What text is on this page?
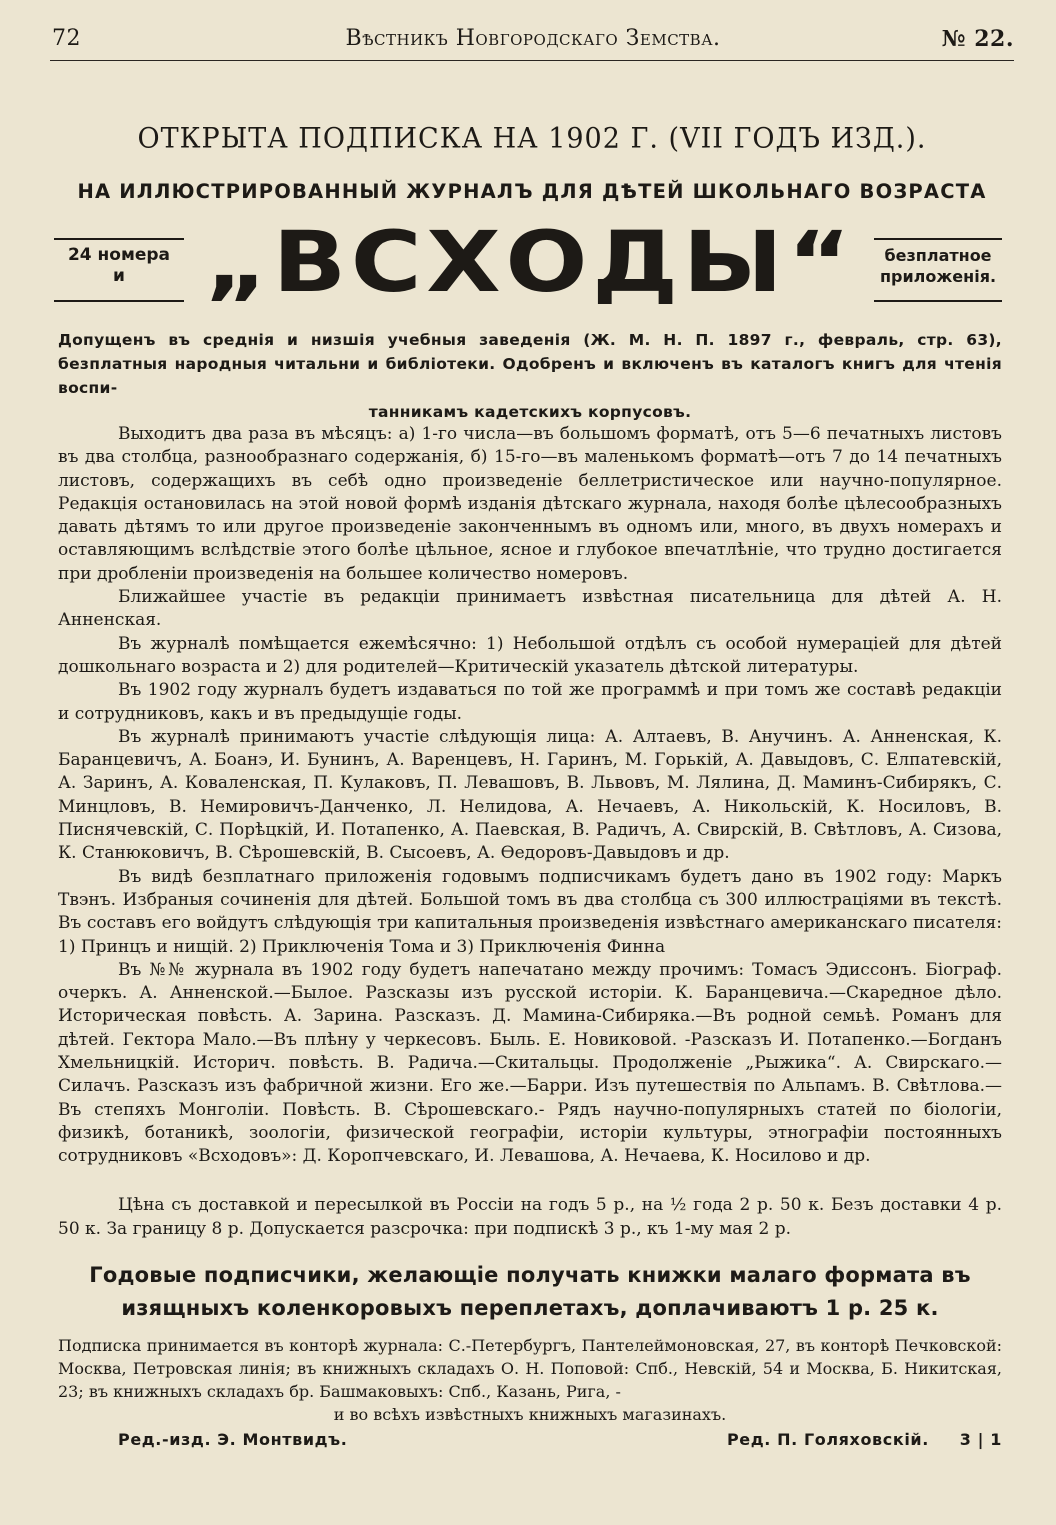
72	Вѣстникъ Новгородскаго Земства.	№ 22.
ОТКРЫТА ПОДПИСКА НА 1902 Г. (VII ГОДЪ ИЗД.).
НА ИЛЛЮСТРИРОВАННЫЙ ЖУРНАЛЪ ДЛЯ ДѢТЕЙ ШКОЛЬНАГО ВОЗРАСТА
24 номера
и „ВСХОДЫ“	безплатное
приложенія.
Допущенъ въ среднія и низшія учебныя заведенія (Ж. М. Н. П. 1897 г., февраль, стр. 63), безплатныя народныя читальни и библіотеки. Одобренъ и включенъ въ каталогъ книгъ для чтенія воспи-
танникамъ кадетскихъ корпусовъ.

Выходитъ два раза въ мѣсяцъ: а) 1-го числа—въ большомъ форматѣ, отъ 5—6 печатныхъ листовъ въ два столбца, разнообразнаго содержанія, б) 15-го—въ маленькомъ форматѣ—отъ 7 до 14 печатныхъ листовъ, содержащихъ въ себѣ одно произведеніе беллетристическое или научно-популярное. Редакція остановилась на этой новой формѣ изданія дѣтскаго журнала, находя болѣе цѣлесообразныхъ давать дѣтямъ то или другое произведеніе законченнымъ въ одномъ или, много, въ двухъ номерахъ и оставляющимъ вслѣдствіе этого болѣе цѣльное, ясное и глубокое впечатлѣніе, что трудно достигается при дробленіи произведенія на большее количество номеровъ.

Ближайшее участіе въ редакціи принимаетъ извѣстная писательница для дѣтей А. Н. Анненская.

Въ журналѣ помѣщается ежемѣсячно: 1) Небольшой отдѣлъ съ особой нумераціей для дѣтей дошкольнаго возраста и 2) для родителей—Критическій указатель дѣтской литературы.

Въ 1902 году журналъ будетъ издаваться по той же программѣ и при томъ же составѣ редакціи и сотрудниковъ, какъ и въ предыдущіе годы.

Въ журналѣ принимаютъ участіе слѣдующія лица: А. Алтаевъ, В. Анучинъ. А. Анненская, К. Баранцевичъ, А. Боанэ, И. Бунинъ, А. Варенцевъ, Н. Гаринъ, М. Горькій, А. Давыдовъ, С. Елпатевскій, А. Заринъ, А. Коваленская, П. Кулаковъ, П. Левашовъ, В. Львовъ, М. Лялина, Д. Маминъ-Сибирякъ, С. Минцловъ, В. Немировичъ-Данченко, Л. Нелидова, А. Нечаевъ, А. Никольскій, К. Носиловъ, В. Писнячевскій, С. Порѣцкій, И. Потапенко, А. Паевская, В. Радичъ, А. Свирскій, В. Свѣтловъ, А. Сизова, К. Станюковичъ, В. Сѣрошевскій, В. Сысоевъ, А. Ѳедоровъ-Давыдовъ и др.

Въ видѣ безплатнаго приложенія годовымъ подписчикамъ будетъ дано въ 1902 году: Маркъ Твэнъ. Избраныя сочиненія для дѣтей. Большой томъ въ два столбца съ 300 иллюстраціями въ текстѣ. Въ составъ его войдутъ слѣдующія три капитальныя произведенія извѣстнаго американскаго писателя: 1) Принцъ и нищій. 2) Приключенія Тома и 3) Приключенія Финна

Въ №№ журнала въ 1902 году будетъ напечатано между прочимъ: Томасъ Эдиссонъ. Біограф. очеркъ. А. Анненской.—Былое. Разсказы изъ русской исторіи. К. Баранцевича.—Скаредное дѣло. Историческая повѣсть. А. Зарина. Разсказъ. Д. Мамина-Сибиряка.—Въ родной семьѣ. Романъ для дѣтей. Гектора Мало.—Въ плѣну у черкесовъ. Быль. Е. Новиковой. -Разсказъ И. Потапенко.—Богданъ Хмельницкій. Историч. повѣсть. В. Радича.—Скитальцы. Продолженіе „Рыжика“. А. Свирскаго.—Силачъ. Разсказъ изъ фабричной жизни. Его же.—Барри. Изъ путешествія по Альпамъ. В. Свѣтлова.—Въ степяхъ Монголіи. Повѣсть. В. Сѣрошевскаго.- Рядъ научно-популярныхъ статей по біологіи, физикѣ, ботаникѣ, зоологіи, физической географіи, исторіи культуры, этнографіи постоянныхъ сотрудниковъ «Всходовъ»: Д. Коропчевскаго, И. Левашова, А. Нечаева, К. Носилово и др.

Цѣна съ доставкой и пересылкой въ Россіи на годъ 5 р., на ½ года 2 р. 50 к. Безъ доставки 4 р. 50 к. За границу 8 р. Допускается разсрочка: при подпискѣ 3 р., къ 1-му мая 2 р.

Годовые подписчики, желающіе получать книжки малаго формата въ
изящныхъ коленкоровыхъ переплетахъ, доплачиваютъ 1 р. 25 к.

Подписка принимается въ конторѣ журнала: С.-Петербургъ, Пантелеймоновская, 27, въ конторѣ Печковской: Москва, Петровская линія; въ книжныхъ складахъ О. Н. Поповой: Спб., Невскій, 54 и Москва, Б. Никитская, 23; въ книжныхъ складахъ бр. Башмаковыхъ: Спб., Казань, Рига, -

и во всѣхъ извѣстныхъ книжныхъ магазинахъ.
Ред.-изд. Э. Монтвидъ.	Ред. П. Голяховскій. 3 | 1
